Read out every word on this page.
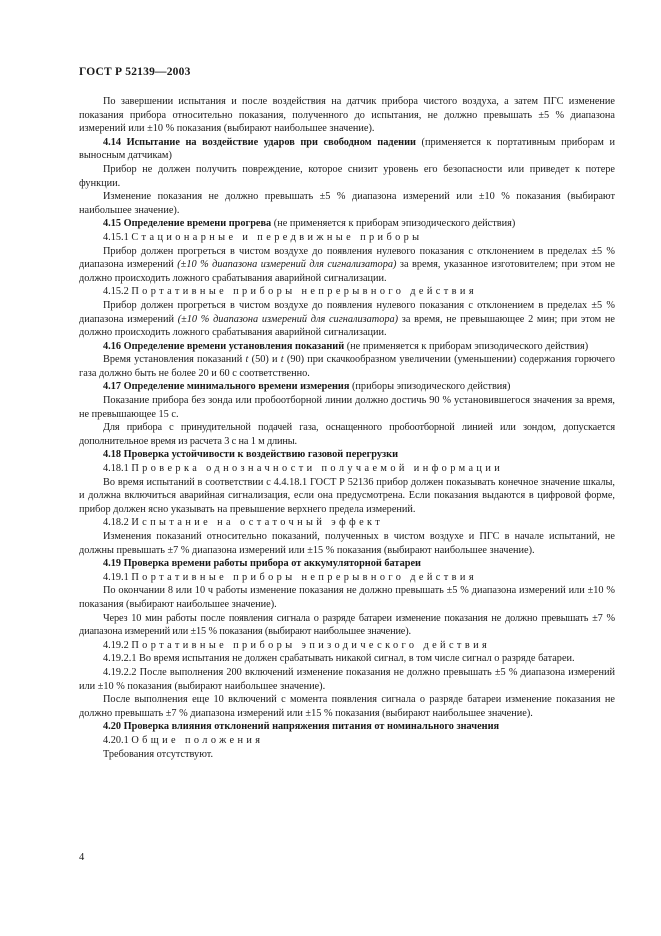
ГОСТ Р 52139—2003

По завершении испытания и после воздействия на датчик прибора чистого воздуха, а затем ПГС изменение показания прибора относительно показания, полученного до испытания, не должно превышать ±5 % диапазона измерений или ±10 % показания (выбирают наибольшее значение).

4.14 Испытание на воздействие ударов при свободном падении (применяется к портативным приборам и выносным датчикам)

Прибор не должен получить повреждение, которое снизит уровень его безопасности или приведет к потере функции.

Изменение показания не должно превышать ±5 % диапазона измерений или ±10 % показания (выбирают наибольшее значение).

4.15 Определение времени прогрева (не применяется к приборам эпизодического действия)

4.15.1 Стационарные и передвижные приборы

Прибор должен прогреться в чистом воздухе до появления нулевого показания с отклонением в пределах ±5 % диапазона измерений (±10 % диапазона измерений для сигнализатора) за время, указанное изготовителем; при этом не должно происходить ложного срабатывания аварийной сигнализации.

4.15.2 Портативные приборы непрерывного действия

Прибор должен прогреться в чистом воздухе до появления нулевого показания с отклонением в пределах ±5 % диапазона измерений (±10 % диапазона измерений для сигнализатора) за время, не превышающее 2 мин; при этом не должно происходить ложного срабатывания аварийной сигнализации.

4.16 Определение времени установления показаний (не применяется к приборам эпизодического действия)

Время установления показаний t (50) и t (90) при скачкообразном увеличении (уменьшении) содержания горючего газа должно быть не более 20 и 60 с соответственно.

4.17 Определение минимального времени измерения (приборы эпизодического действия)

Показание прибора без зонда или пробоотборной линии должно достичь 90 % установившегося значения за время, не превышающее 15 с.

Для прибора с принудительной подачей газа, оснащенного пробоотборной линией или зондом, допускается дополнительное время из расчета 3 с на 1 м длины.

4.18 Проверка устойчивости к воздействию газовой перегрузки

4.18.1 Проверка однозначности получаемой информации

Во время испытаний в соответствии с 4.4.18.1 ГОСТ Р 52136 прибор должен показывать конечное значение шкалы, и должна включиться аварийная сигнализация, если она предусмотрена. Если показания выдаются в цифровой форме, прибор должен ясно указывать на превышение верхнего предела измерений.

4.18.2 Испытание на остаточный эффект

Изменения показаний относительно показаний, полученных в чистом воздухе и ПГС в начале испытаний, не должны превышать ±7 % диапазона измерений или ±15 % показания (выбирают наибольшее значение).

4.19 Проверка времени работы прибора от аккумуляторной батареи

4.19.1 Портативные приборы непрерывного действия

По окончании 8 или 10 ч работы изменение показания не должно превышать ±5 % диапазона измерений или ±10 % показания (выбирают наибольшее значение).

Через 10 мин работы после появления сигнала о разряде батареи изменение показания не должно превышать ±7 % диапазона измерений или ±15 % показания (выбирают наибольшее значение).

4.19.2 Портативные приборы эпизодического действия

4.19.2.1 Во время испытания не должен срабатывать никакой сигнал, в том числе сигнал о разряде батареи.

4.19.2.2 После выполнения 200 включений изменение показания не должно превышать ±5 % диапазона измерений или ±10 % показания (выбирают наибольшее значение).

После выполнения еще 10 включений с момента появления сигнала о разряде батареи изменение показания не должно превышать ±7 % диапазона измерений или ±15 % показания (выбирают наибольшее значение).

4.20 Проверка влияния отклонений напряжения питания от номинального значения

4.20.1 Общие положения

Требования отсутствуют.

4
